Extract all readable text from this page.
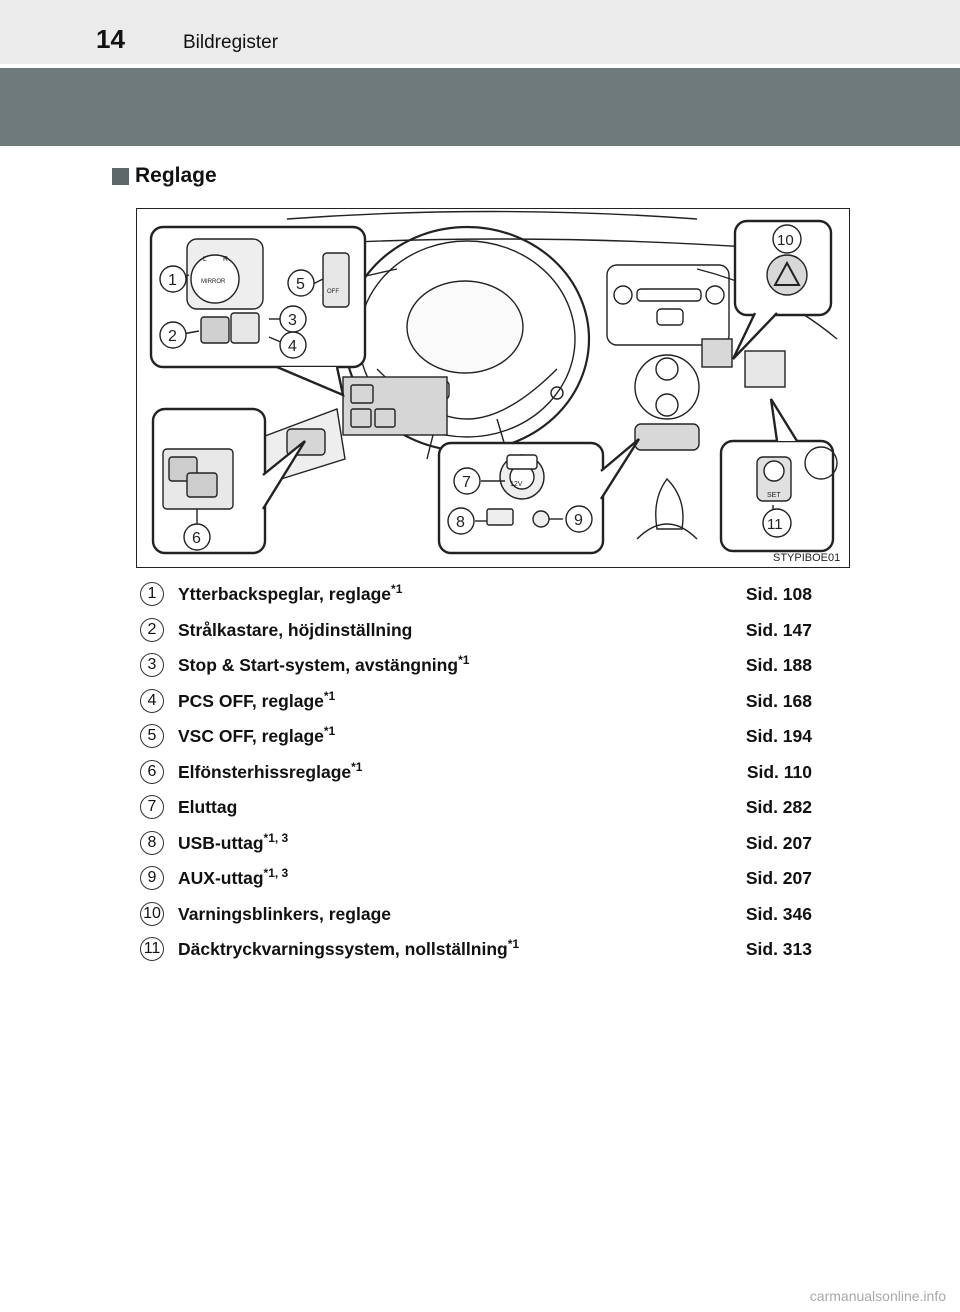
14	Bildregister
Reglage
L R
MIRROR
OFF
12V
SET
1
2
3
4
5
6
7
8	9
10
11
STYPIBOE01
1	Ytterbackspeglar, reglage$^{*1}$	Sid. 108
2	Strålkastare, höjdinställning	Sid. 147
3	Stop & Start-system, avstängning$^{*1}$	Sid. 188
4	PCS OFF, reglage$^{*1}$	Sid. 168
5	VSC OFF, reglage$^{*1}$	Sid. 194
6	Elfönsterhissreglage$^{*1}$	Sid. 110
7	Eluttag	Sid. 282
8	USB-uttag$^{*1, 3}$	Sid. 207
9	AUX-uttag$^{*1, 3}$	Sid. 207
10 Varningsblinkers, reglage	Sid. 346
11 Däcktryckvarningssystem, nollställning$^{*1}$	Sid. 313
carmanualsonline.info
